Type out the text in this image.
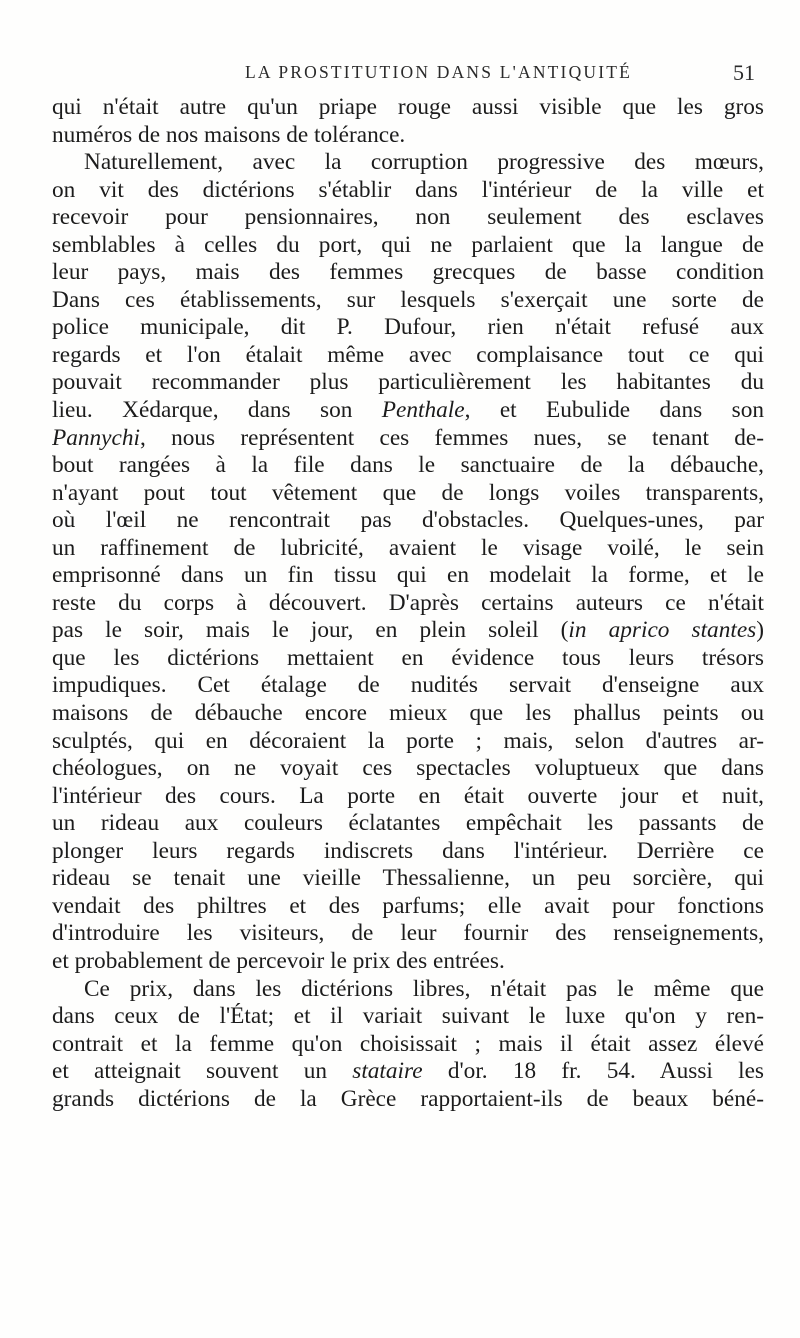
LA PROSTITUTION DANS L'ANTIQUITÉ	51
qui n'était autre qu'un priape rouge aussi visible que les gros
numéros de nos maisons de tolérance.
Naturellement, avec la corruption progressive des mœurs,
on vit des dictérions s'établir dans l'intérieur de la ville et
recevoir pour pensionnaires, non seulement des esclaves
semblables à celles du port, qui ne parlaient que la langue de
leur pays, mais des femmes grecques de basse condition
Dans ces établissements, sur lesquels s'exerçait une sorte de
police municipale, dit P. Dufour, rien n'était refusé aux
regards et l'on étalait même avec complaisance tout ce qui
pouvait recommander plus particulièrement les habitantes du
lieu. Xédarque, dans son Penthale, et Eubulide dans son
Pannychi, nous représentent ces femmes nues, se tenant de-
bout rangées à la file dans le sanctuaire de la débauche,
n'ayant pout tout vêtement que de longs voiles transparents,
où l'œil ne rencontrait pas d'obstacles. Quelques-unes, par
un raffinement de lubricité, avaient le visage voilé, le sein
emprisonné dans un fin tissu qui en modelait la forme, et le
reste du corps à découvert. D'après certains auteurs ce n'était
pas le soir, mais le jour, en plein soleil (in aprico stantes)
que les dictérions mettaient en évidence tous leurs trésors
impudiques. Cet étalage de nudités servait d'enseigne aux
maisons de débauche encore mieux que les phallus peints ou
sculptés, qui en décoraient la porte ; mais, selon d'autres ar-
chéologues, on ne voyait ces spectacles voluptueux que dans
l'intérieur des cours. La porte en était ouverte jour et nuit,
un rideau aux couleurs éclatantes empêchait les passants de
plonger leurs regards indiscrets dans l'intérieur. Derrière ce
rideau se tenait une vieille Thessalienne, un peu sorcière, qui
vendait des philtres et des parfums; elle avait pour fonctions
d'introduire les visiteurs, de leur fournir des renseignements,
et probablement de percevoir le prix des entrées.
Ce prix, dans les dictérions libres, n'était pas le même que
dans ceux de l'État; et il variait suivant le luxe qu'on y ren-
contrait et la femme qu'on choisissait ; mais il était assez élevé
et atteignait souvent un stataire d'or. 18 fr. 54. Aussi les
grands dictérions de la Grèce rapportaient-ils de beaux béné-
